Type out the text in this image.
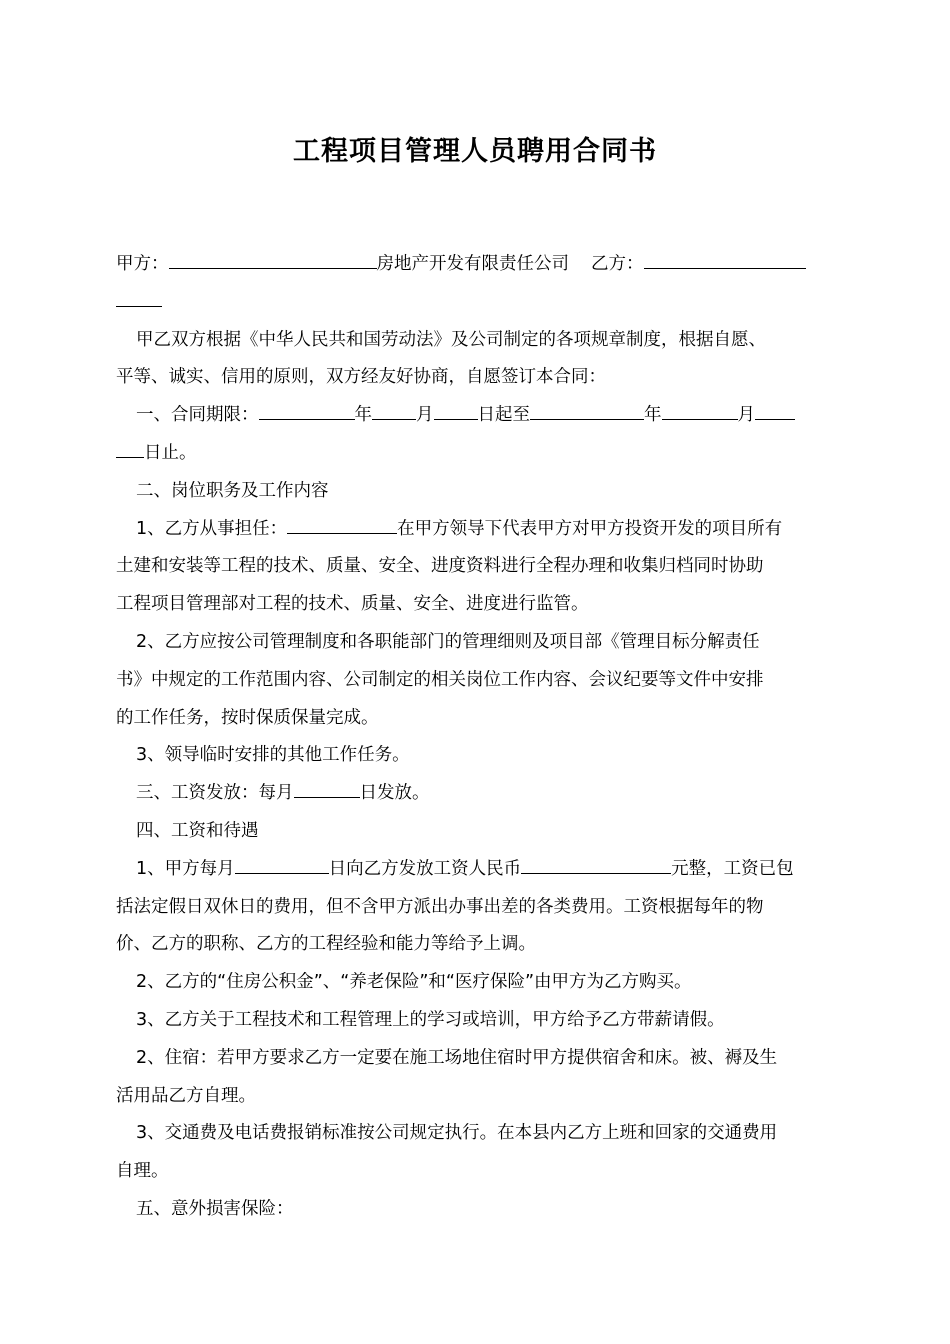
工程项目管理人员聘用合同书
甲方：	房地产开发有限责任公司 乙方：
甲乙双方根据《中华人民共和国劳动法》及公司制定的各项规章制度，根据自愿、
平等、诚实、信用的原则，双方经友好协商，自愿签订本合同：
一、合同期限：	年	月	日起至	年	月
日止。
二、岗位职务及工作内容
1、乙方从事担任：	在甲方领导下代表甲方对甲方投资开发的项目所有
土建和安装等工程的技术、质量、安全、进度资料进行全程办理和收集归档同时协助
工程项目管理部对工程的技术、质量、安全、进度进行监管。
2、乙方应按公司管理制度和各职能部门的管理细则及项目部《管理目标分解责任
书》中规定的工作范围内容、公司制定的相关岗位工作内容、会议纪要等文件中安排
的工作任务，按时保质保量完成。
3、领导临时安排的其他工作任务。
三、工资发放：每月	日发放。
四、工资和待遇
1、甲方每月	日向乙方发放工资人民币	元整，工资已包
括法定假日双休日的费用，但不含甲方派出办事出差的各类费用。工资根据每年的物
价、乙方的职称、乙方的工程经验和能力等给予上调。
2、乙方的“住房公积金”、“养老保险”和“医疗保险”由甲方为乙方购买。
3、乙方关于工程技术和工程管理上的学习或培训，甲方给予乙方带薪请假。
2、住宿：若甲方要求乙方一定要在施工场地住宿时甲方提供宿舍和床。被、褥及生
活用品乙方自理。
3、交通费及电话费报销标准按公司规定执行。在本县内乙方上班和回家的交通费用
自理。
五、意外损害保险：
